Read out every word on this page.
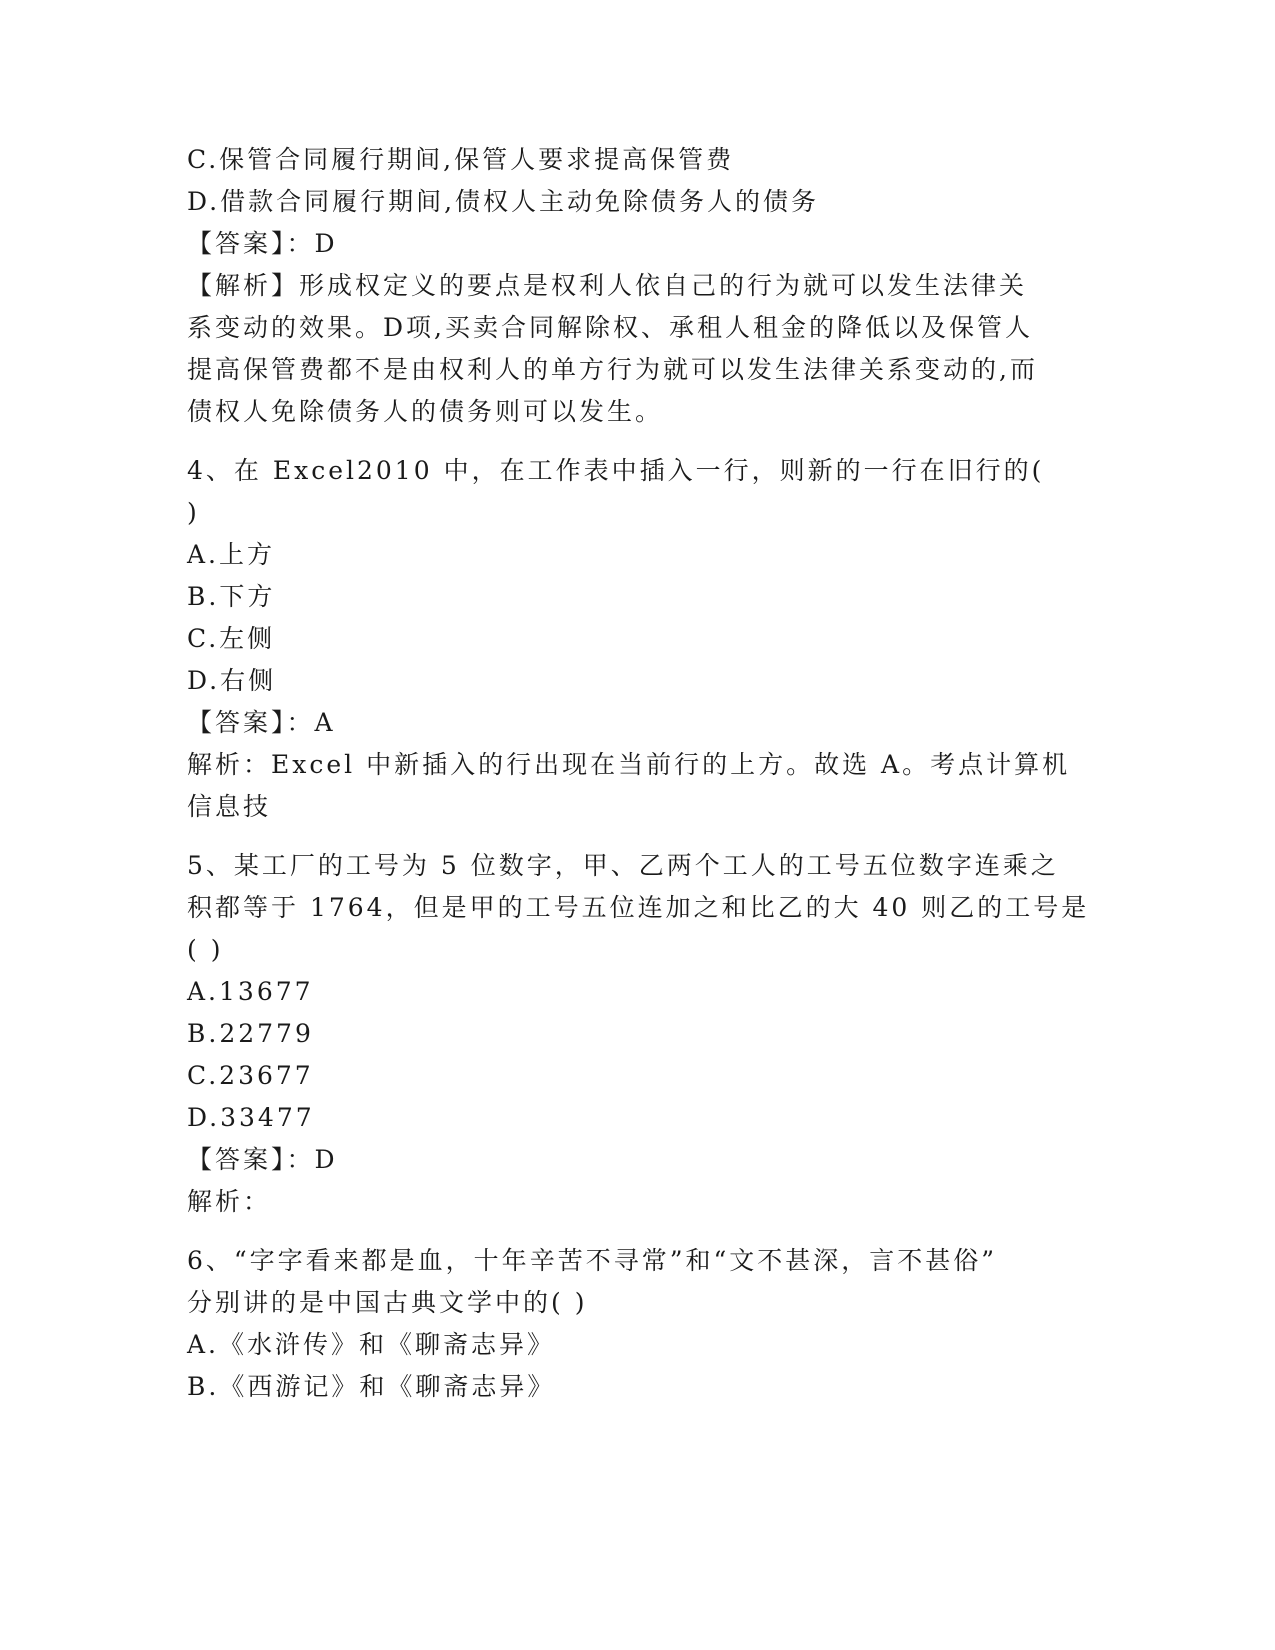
C.保管合同履行期间,保管人要求提高保管费
D.借款合同履行期间,债权人主动免除债务人的债务
【答案】：D
【解析】形成权定义的要点是权利人依自己的行为就可以发生法律关
系变动的效果。D项,买卖合同解除权、承租人租金的降低以及保管人
提高保管费都不是由权利人的单方行为就可以发生法律关系变动的,而
债权人免除债务人的债务则可以发生。
4、在 Excel2010 中，在工作表中插入一行，则新的一行在旧行的(
)
A.上方
B.下方
C.左侧
D.右侧
【答案】：A
解析：Excel 中新插入的行出现在当前行的上方。故选 A。考点计算机
信息技
5、某工厂的工号为 5 位数字，甲、乙两个工人的工号五位数字连乘之
积都等于 1764，但是甲的工号五位连加之和比乙的大 40 则乙的工号是
( )
A.13677
B.22779
C.23677
D.33477
【答案】：D
解析：
6、“字字看来都是血，十年辛苦不寻常”和“文不甚深，言不甚俗”
分别讲的是中国古典文学中的( )
A.《水浒传》和《聊斋志异》
B.《西游记》和《聊斋志异》
